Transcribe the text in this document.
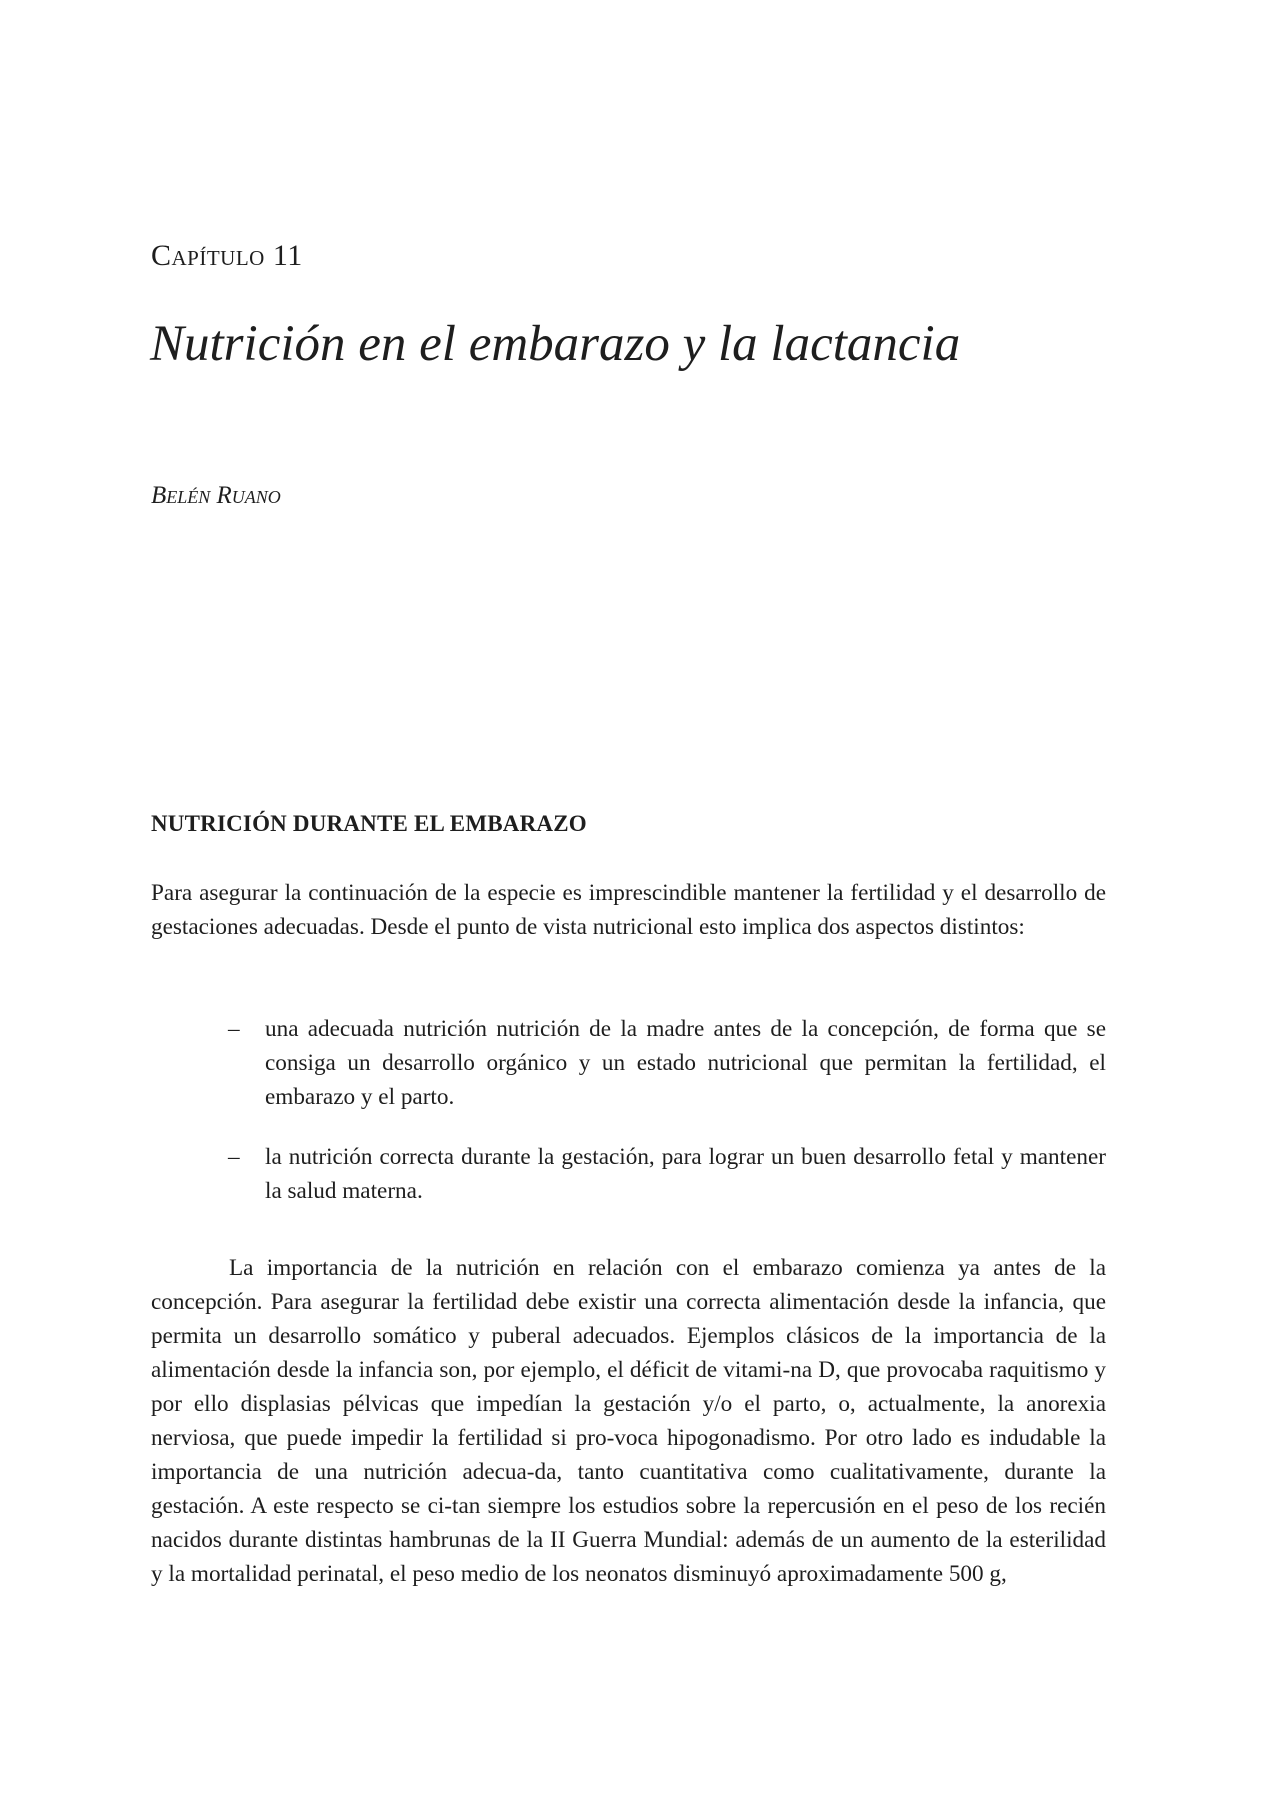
Capítulo 11
Nutrición en el embarazo y la lactancia
Belén Ruano
NUTRICIÓN DURANTE EL EMBARAZO

Para asegurar la continuación de la especie es imprescindible mantener la fertilidad y el desarrollo de gestaciones adecuadas. Desde el punto de vista nutricional esto implica dos aspectos distintos:

– una adecuada nutrición nutrición de la madre antes de la concepción, de forma que se consiga un desarrollo orgánico y un estado nutricional que permitan la fertilidad, el embarazo y el parto.
– la nutrición correcta durante la gestación, para lograr un buen desarrollo fetal y mantener la salud materna.

La importancia de la nutrición en relación con el embarazo comienza ya antes de la concepción. Para asegurar la fertilidad debe existir una correcta alimentación desde la infancia, que permita un desarrollo somático y puberal adecuados. Ejemplos clásicos de la importancia de la alimentación desde la infancia son, por ejemplo, el déficit de vitami-na D, que provocaba raquitismo y por ello displasias pélvicas que impedían la gestación y/o el parto, o, actualmente, la anorexia nerviosa, que puede impedir la fertilidad si pro-voca hipogonadismo. Por otro lado es indudable la importancia de una nutrición adecua-da, tanto cuantitativa como cualitativamente, durante la gestación. A este respecto se ci-tan siempre los estudios sobre la repercusión en el peso de los recién nacidos durante distintas hambrunas de la II Guerra Mundial: además de un aumento de la esterilidad y la mortalidad perinatal, el peso medio de los neonatos disminuyó aproximadamente 500 g,
